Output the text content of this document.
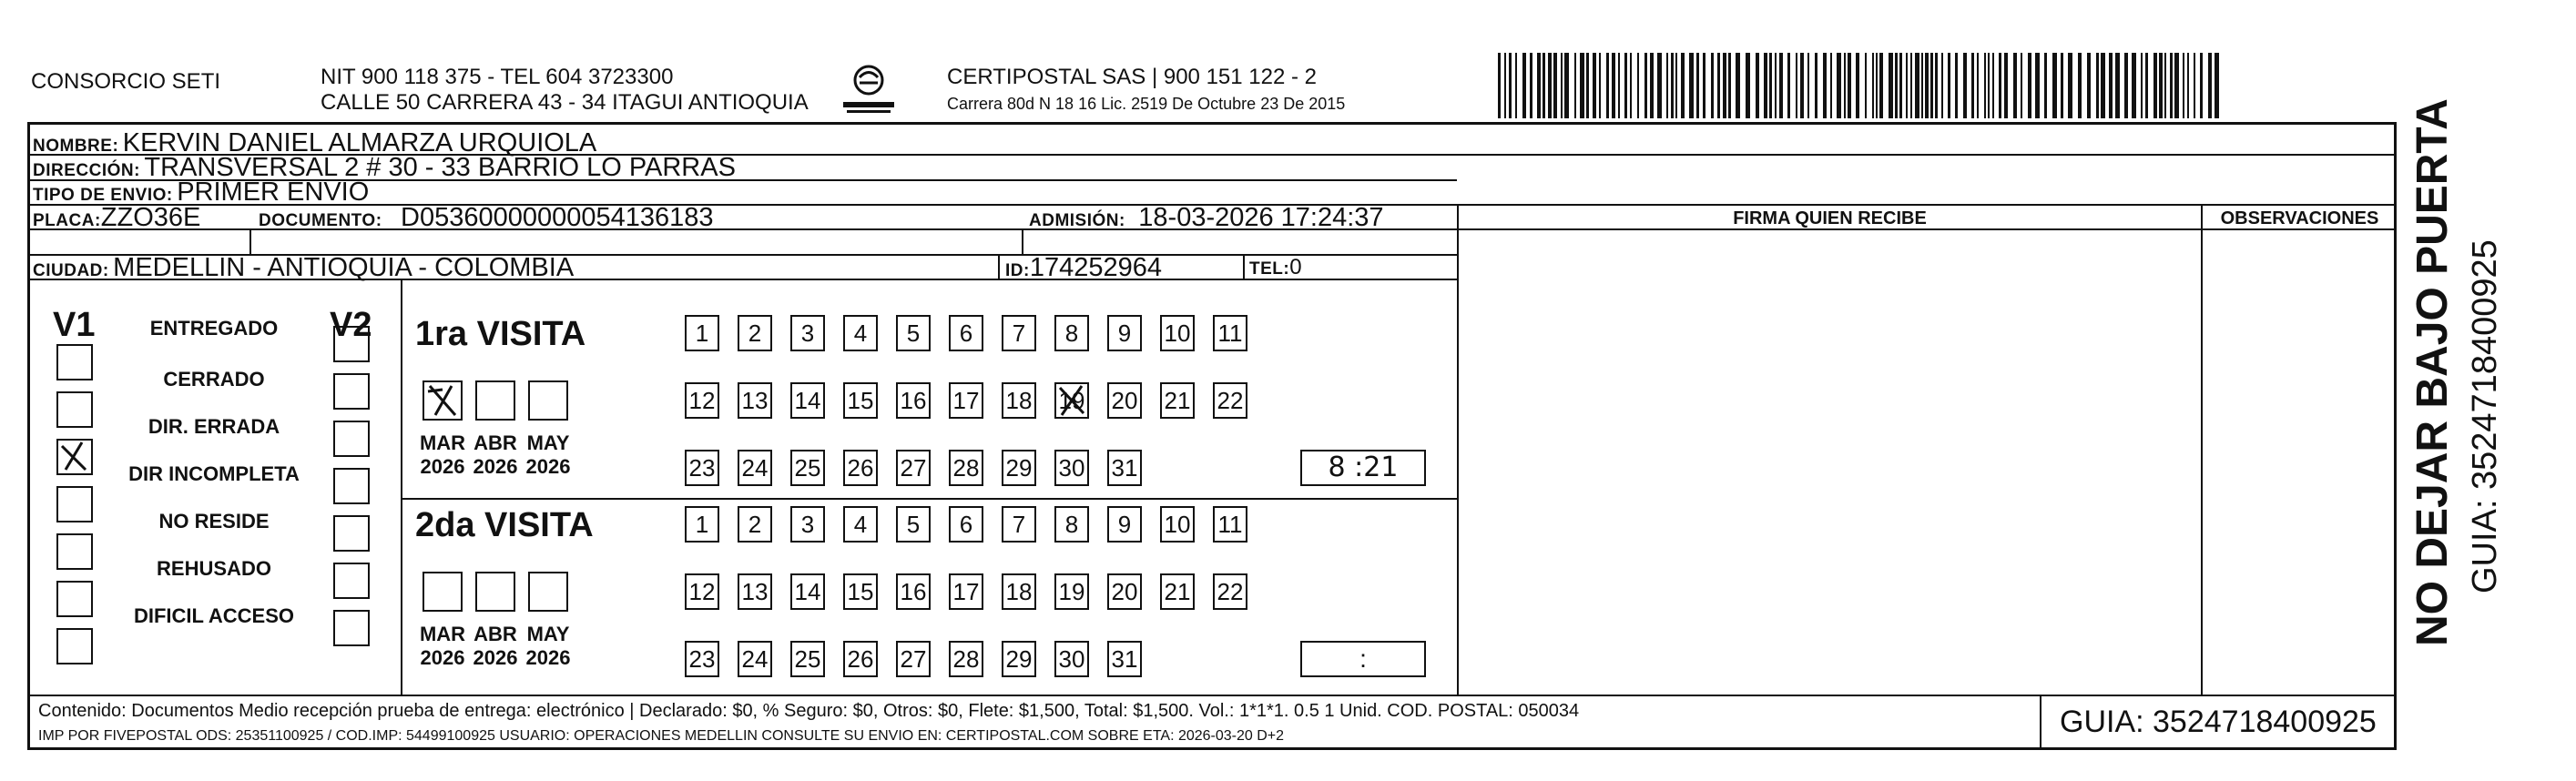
CONSORCIO SETI	NIT 900 118 375 - TEL 604 3723300
CALLE 50 CARRERA 43 - 34 ITAGUI ANTIOQUIA
CERTIPOSTAL SAS | 900 151 122 - 2
Carrera 80d N 18 16 Lic. 2519 De Octubre 23 De 2015
NOMBRE: KERVIN DANIEL ALMARZA URQUIOLA
DIRECCIÓN: TRANSVERSAL 2 # 30 - 33 BARRIO LO PARRAS
TIPO DE ENVIO: PRIMER ENVIO
PLACA:ZZO36E	DOCUMENTO: D05360000000054136183	ADMISIÓN: 18-03-2026 17:24:37
CIUDAD: MEDELLIN - ANTIOQUIA - COLOMBIA	ID:174252964	TEL:0
FIRMA QUIEN RECIBE	OBSERVACIONES
V1	V2
ENTREGADO
CERRADO
DIR. ERRADA
DIR INCOMPLETA
NO RESIDE
REHUSADO
DIFICIL ACCESO
1ra VISITA
2da VISITA
MAR
2026
ABR
2026
MAY
2026
1	2	3	4	5	6	7	8	9	10 11
12 13 14 15 16 17 18 19 20 21 22
23 24 25 26 27 28 29 30 31	8 :21
MAR
2026
ABR
2026
MAY
2026
1	2	3	4	5	6	7	8	9	10 11
12 13 14 15 16 17 18 19 20 21 22
23 24 25 26 27 28 29 30 31	:
Contenido: Documentos Medio recepción prueba de entrega: electrónico | Declarado: $0, % Seguro: $0, Otros: $0, Flete: $1,500, Total: $1,500. Vol.: 1*1*1. 0.5 1 Unid. COD. POSTAL: 050034
IMP POR FIVEPOSTAL ODS: 25351100925 / COD.IMP: 54499100925 USUARIO: OPERACIONES MEDELLIN CONSULTE SU ENVIO EN: CERTIPOSTAL.COM SOBRE ETA: 2026-03-20 D+2	GUIA: 3524718400925
NO DEJAR BAJO PUERTA GUIA: 3524718400925
